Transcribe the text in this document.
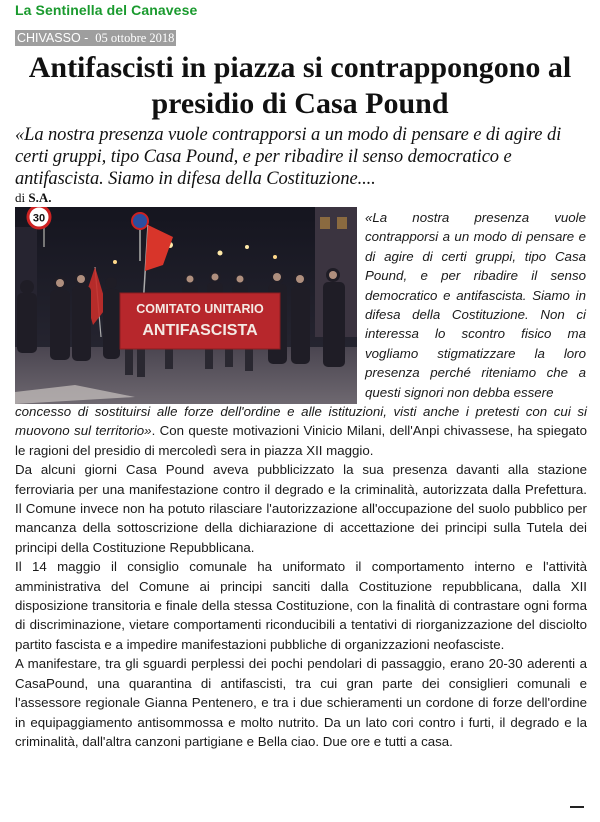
La Sentinella del Canavese
CHIVASSO -  05 ottobre 2018
Antifascisti in piazza si contrappongono al presidio di Casa Pound

«La nostra presenza vuole contrapporsi a un modo di pensare e di agire di certi gruppi, tipo Casa Pound, e per ribadire il senso democratico e antifascista. Siamo in difesa della Costituzione....

di S.A.
30
COMITATO UNITARIO
ANTIFASCISTA

«La nostra presenza vuole contrapporsi a un modo di pensare e di agire di certi gruppi, tipo Casa Pound, e per ribadire il senso democratico e antifascista. Siamo in difesa della Costituzione. Non ci interessa lo scontro fisico ma vogliamo stigmatizzare la loro presenza perché riteniamo che a questi signori non debba essere

concesso di sostituirsi alle forze dell'ordine e alle istituzioni, visti anche i pretesti con cui si muovono sul territorio». Con queste motivazioni Vinicio Milani, dell'Anpi chivassese, ha spiegato le ragioni del presidio di mercoledì sera in piazza XII maggio.

Da alcuni giorni Casa Pound aveva pubblicizzato la sua presenza davanti alla stazione ferroviaria per una manifestazione contro il degrado e la criminalità, autorizzata dalla Prefettura. Il Comune invece non ha potuto rilasciare l'autorizzazione all'occupazione del suolo pubblico per mancanza della sottoscrizione della dichiarazione di accettazione dei principi sulla Tutela dei principi della Costituzione Repubblicana.

Il 14 maggio il consiglio comunale ha uniformato il comportamento interno e l'attività amministrativa del Comune ai principi sanciti dalla Costituzione repubblicana, dalla XII disposizione transitoria e finale della stessa Costituzione, con la finalità di contrastare ogni forma di discriminazione, vietare comportamenti riconducibili a tentativi di riorganizzazione del disciolto partito fascista e a impedire manifestazioni pubbliche di organizzazioni neofasciste.

A manifestare, tra gli sguardi perplessi dei pochi pendolari di passaggio, erano 20-30 aderenti a CasaPound, una quarantina di antifascisti, tra cui gran parte dei consiglieri comunali e l'assessore regionale Gianna Pentenero, e tra i due schieramenti un cordone di forze dell'ordine in equipaggiamento antisommossa e molto nutrito. Da un lato cori contro i furti, il degrado e la criminalità, dall'altra canzoni partigiane e Bella ciao. Due ore e tutti a casa.
